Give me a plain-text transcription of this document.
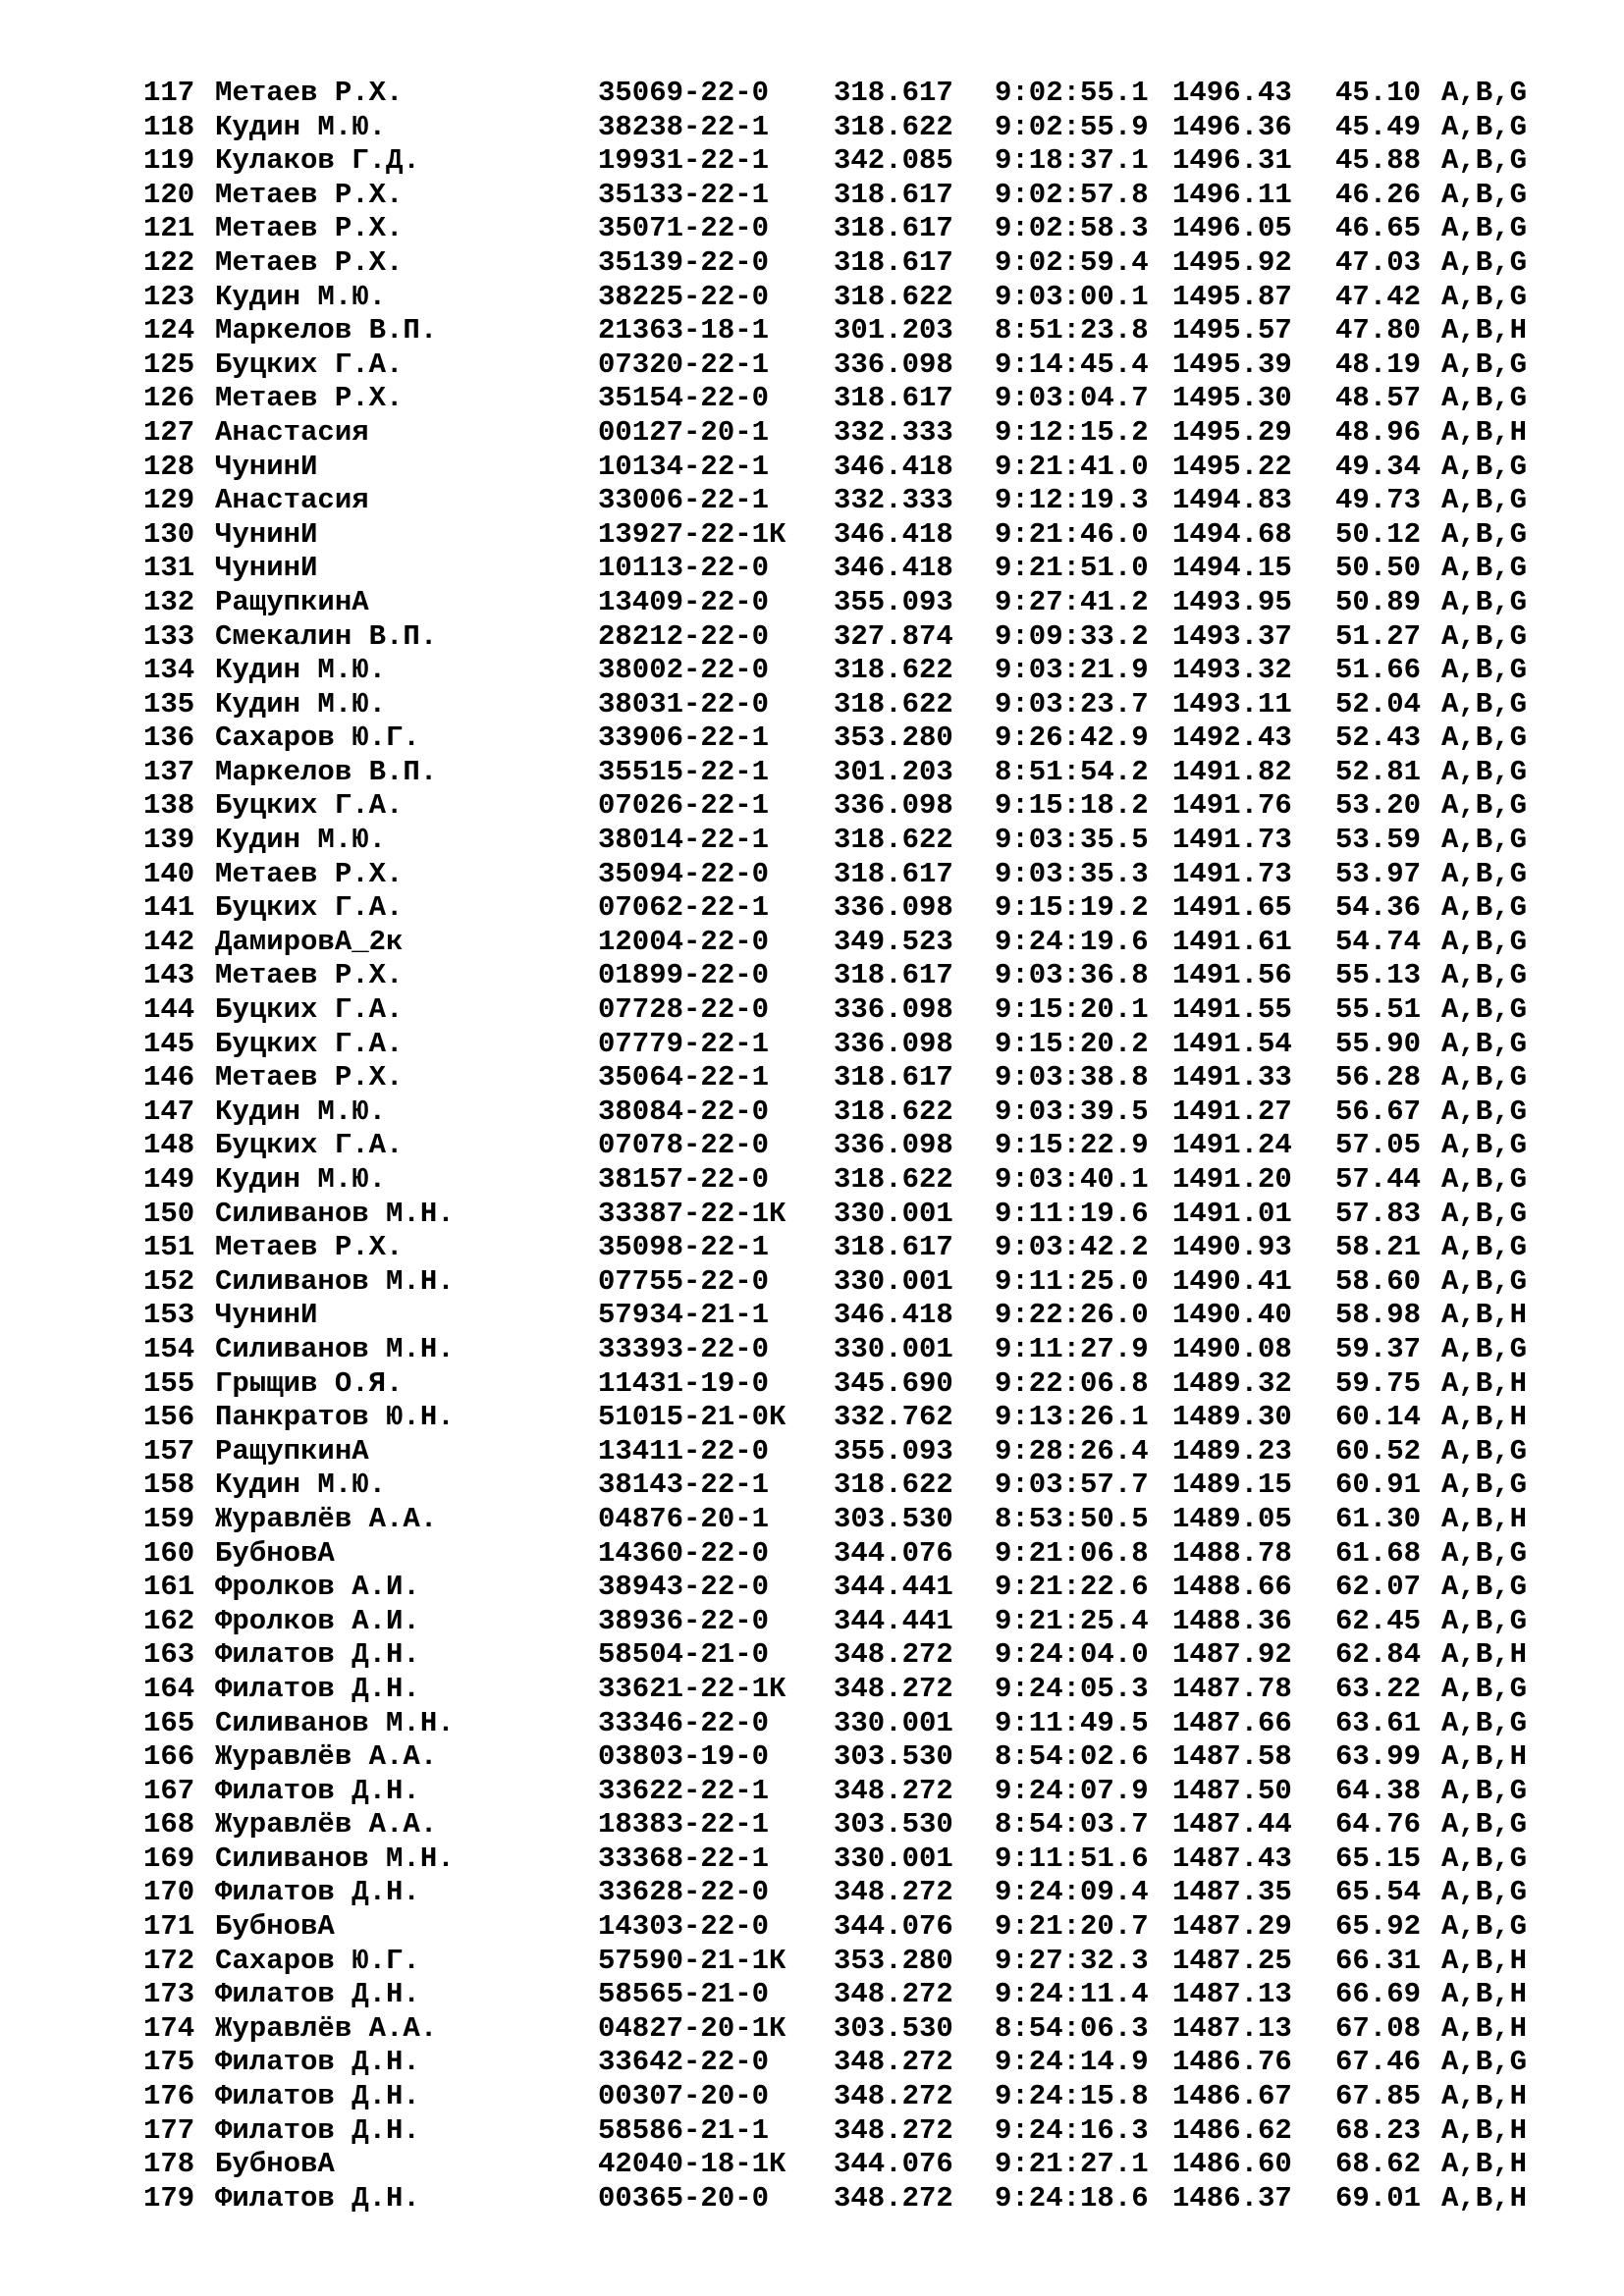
117 Метаев Р.Х.	35069-22-0 318.617 9:02:55.1 1496.43 45.10 A,B,G
118 Кудин М.Ю.	38238-22-1 318.622 9:02:55.9 1496.36 45.49 A,B,G
119 Кулаков Г.Д.	19931-22-1 342.085 9:18:37.1 1496.31 45.88 A,B,G
120 Метаев Р.Х.	35133-22-1 318.617 9:02:57.8 1496.11 46.26 A,B,G
121 Метаев Р.Х.	35071-22-0 318.617 9:02:58.3 1496.05 46.65 A,B,G
122 Метаев Р.Х.	35139-22-0 318.617 9:02:59.4 1495.92 47.03 A,B,G
123 Кудин М.Ю.	38225-22-0 318.622 9:03:00.1 1495.87 47.42 A,B,G
124 Маркелов В.П.	21363-18-1 301.203 8:51:23.8 1495.57 47.80 A,B,H
125 Буцких Г.А.	07320-22-1 336.098 9:14:45.4 1495.39 48.19 A,B,G
126 Метаев Р.Х.	35154-22-0 318.617 9:03:04.7 1495.30 48.57 A,B,G
127 Анастасия	00127-20-1 332.333 9:12:15.2 1495.29 48.96 A,B,H
128 ЧунинИ	10134-22-1 346.418 9:21:41.0 1495.22 49.34 A,B,G
129 Анастасия	33006-22-1 332.333 9:12:19.3 1494.83 49.73 A,B,G
130 ЧунинИ	13927-22-1К 346.418 9:21:46.0 1494.68 50.12 A,B,G
131 ЧунинИ	10113-22-0 346.418 9:21:51.0 1494.15 50.50 A,B,G
132 РащупкинА	13409-22-0 355.093 9:27:41.2 1493.95 50.89 A,B,G
133 Смекалин В.П.	28212-22-0 327.874 9:09:33.2 1493.37 51.27 A,B,G
134 Кудин М.Ю.	38002-22-0 318.622 9:03:21.9 1493.32 51.66 A,B,G
135 Кудин М.Ю.	38031-22-0 318.622 9:03:23.7 1493.11 52.04 A,B,G
136 Сахаров Ю.Г.	33906-22-1 353.280 9:26:42.9 1492.43 52.43 A,B,G
137 Маркелов В.П.	35515-22-1 301.203 8:51:54.2 1491.82 52.81 A,B,G
138 Буцких Г.А.	07026-22-1 336.098 9:15:18.2 1491.76 53.20 A,B,G
139 Кудин М.Ю.	38014-22-1 318.622 9:03:35.5 1491.73 53.59 A,B,G
140 Метаев Р.Х.	35094-22-0 318.617 9:03:35.3 1491.73 53.97 A,B,G
141 Буцких Г.А.	07062-22-1 336.098 9:15:19.2 1491.65 54.36 A,B,G
142 ДамировА_2к	12004-22-0 349.523 9:24:19.6 1491.61 54.74 A,B,G
143 Метаев Р.Х.	01899-22-0 318.617 9:03:36.8 1491.56 55.13 A,B,G
144 Буцких Г.А.	07728-22-0 336.098 9:15:20.1 1491.55 55.51 A,B,G
145 Буцких Г.А.	07779-22-1 336.098 9:15:20.2 1491.54 55.90 A,B,G
146 Метаев Р.Х.	35064-22-1 318.617 9:03:38.8 1491.33 56.28 A,B,G
147 Кудин М.Ю.	38084-22-0 318.622 9:03:39.5 1491.27 56.67 A,B,G
148 Буцких Г.А.	07078-22-0 336.098 9:15:22.9 1491.24 57.05 A,B,G
149 Кудин М.Ю.	38157-22-0 318.622 9:03:40.1 1491.20 57.44 A,B,G
150 Силиванов М.Н.	33387-22-1К 330.001 9:11:19.6 1491.01 57.83 A,B,G
151 Метаев Р.Х.	35098-22-1 318.617 9:03:42.2 1490.93 58.21 A,B,G
152 Силиванов М.Н.	07755-22-0 330.001 9:11:25.0 1490.41 58.60 A,B,G
153 ЧунинИ	57934-21-1 346.418 9:22:26.0 1490.40 58.98 A,B,H
154 Силиванов М.Н.	33393-22-0 330.001 9:11:27.9 1490.08 59.37 A,B,G
155 Грыщив О.Я.	11431-19-0 345.690 9:22:06.8 1489.32 59.75 A,B,H
156 Панкратов Ю.Н.	51015-21-0К 332.762 9:13:26.1 1489.30 60.14 A,B,H
157 РащупкинА	13411-22-0 355.093 9:28:26.4 1489.23 60.52 A,B,G
158 Кудин М.Ю.	38143-22-1 318.622 9:03:57.7 1489.15 60.91 A,B,G
159 Журавлёв А.А.	04876-20-1 303.530 8:53:50.5 1489.05 61.30 A,B,H
160 БубновА	14360-22-0 344.076 9:21:06.8 1488.78 61.68 A,B,G
161 Фролков А.И.	38943-22-0 344.441 9:21:22.6 1488.66 62.07 A,B,G
162 Фролков А.И.	38936-22-0 344.441 9:21:25.4 1488.36 62.45 A,B,G
163 Филатов Д.Н.	58504-21-0 348.272 9:24:04.0 1487.92 62.84 A,B,H
164 Филатов Д.Н.	33621-22-1К 348.272 9:24:05.3 1487.78 63.22 A,B,G
165 Силиванов М.Н.	33346-22-0 330.001 9:11:49.5 1487.66 63.61 A,B,G
166 Журавлёв А.А.	03803-19-0 303.530 8:54:02.6 1487.58 63.99 A,B,H
167 Филатов Д.Н.	33622-22-1 348.272 9:24:07.9 1487.50 64.38 A,B,G
168 Журавлёв А.А.	18383-22-1 303.530 8:54:03.7 1487.44 64.76 A,B,G
169 Силиванов М.Н.	33368-22-1 330.001 9:11:51.6 1487.43 65.15 A,B,G
170 Филатов Д.Н.	33628-22-0 348.272 9:24:09.4 1487.35 65.54 A,B,G
171 БубновА	14303-22-0 344.076 9:21:20.7 1487.29 65.92 A,B,G
172 Сахаров Ю.Г.	57590-21-1К 353.280 9:27:32.3 1487.25 66.31 A,B,H
173 Филатов Д.Н.	58565-21-0 348.272 9:24:11.4 1487.13 66.69 A,B,H
174 Журавлёв А.А.	04827-20-1К 303.530 8:54:06.3 1487.13 67.08 A,B,H
175 Филатов Д.Н.	33642-22-0 348.272 9:24:14.9 1486.76 67.46 A,B,G
176 Филатов Д.Н.	00307-20-0 348.272 9:24:15.8 1486.67 67.85 A,B,H
177 Филатов Д.Н.	58586-21-1 348.272 9:24:16.3 1486.62 68.23 A,B,H
178 БубновА	42040-18-1К 344.076 9:21:27.1 1486.60 68.62 A,B,H
179 Филатов Д.Н.	00365-20-0 348.272 9:24:18.6 1486.37 69.01 A,B,H
